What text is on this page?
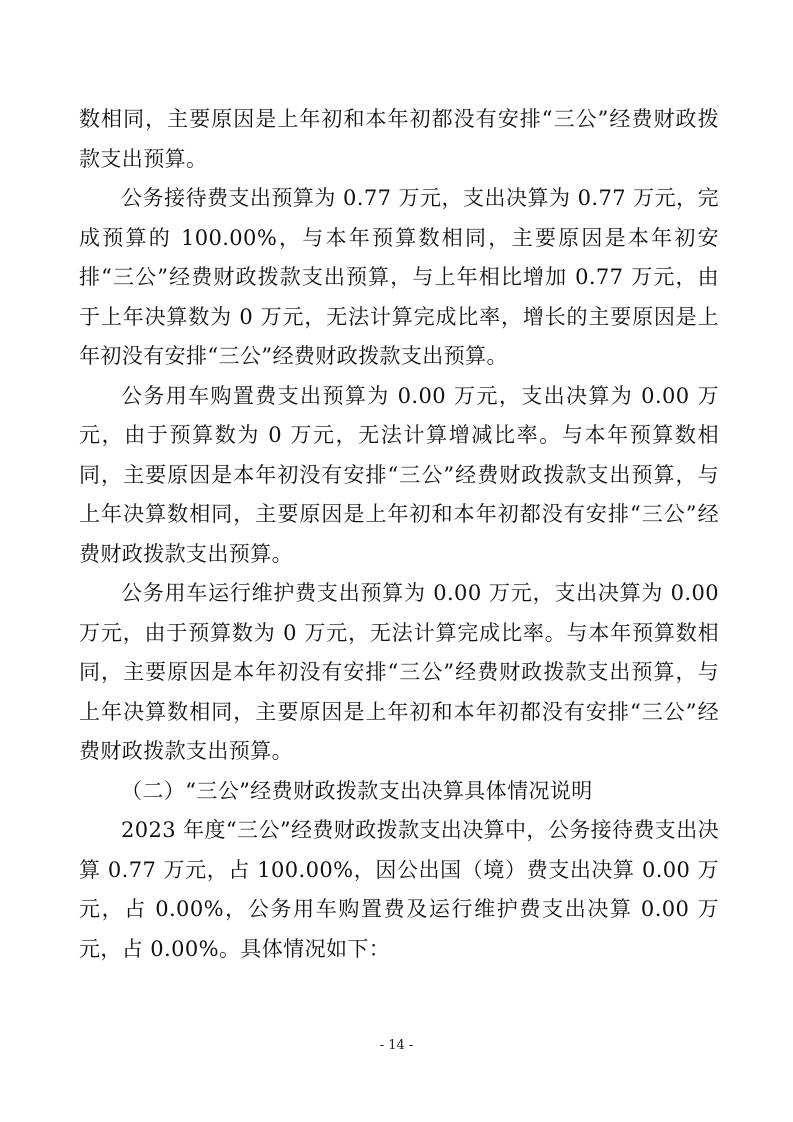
数相同，主要原因是上年初和本年初都没有安排“三公”经费财政拨款支出预算。

公务接待费支出预算为 0.77 万元，支出决算为 0.77 万元，完成预算的 100.00%，与本年预算数相同，主要原因是本年初安排“三公”经费财政拨款支出预算，与上年相比增加 0.77 万元，由于上年决算数为 0 万元，无法计算完成比率，增长的主要原因是上年初没有安排“三公”经费财政拨款支出预算。

公务用车购置费支出预算为 0.00 万元，支出决算为 0.00 万元，由于预算数为 0 万元，无法计算增减比率。与本年预算数相同，主要原因是本年初没有安排“三公”经费财政拨款支出预算，与上年决算数相同，主要原因是上年初和本年初都没有安排“三公”经费财政拨款支出预算。

公务用车运行维护费支出预算为 0.00 万元，支出决算为 0.00 万元，由于预算数为 0 万元，无法计算完成比率。与本年预算数相同，主要原因是本年初没有安排“三公”经费财政拨款支出预算，与上年决算数相同，主要原因是上年初和本年初都没有安排“三公”经费财政拨款支出预算。

（二）“三公”经费财政拨款支出决算具体情况说明

2023 年度“三公”经费财政拨款支出决算中，公务接待费支出决算 0.77 万元，占 100.00%，因公出国（境）费支出决算 0.00 万元，占 0.00%，公务用车购置费及运行维护费支出决算 0.00 万元，占 0.00%。具体情况如下：

- 14 -
